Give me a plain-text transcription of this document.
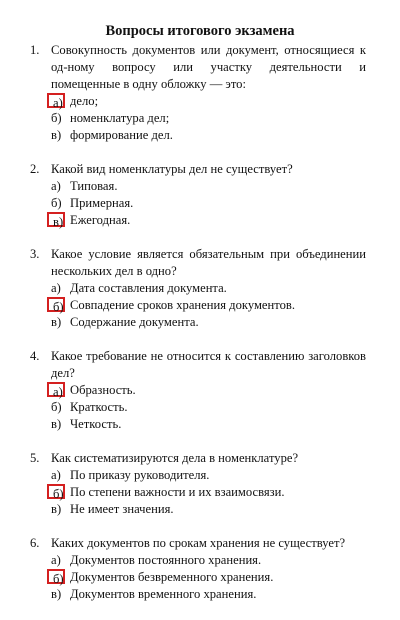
Вопросы итогового экзамена
1. Совокупность документов или документ, относящиеся к од-ному вопросу или участку деятельности и помещенные в одну обложку — это:
а) дело;
б) номенклатура дел;
в) формирование дел.
2. Какой вид номенклатуры дел не существует?
а) Типовая.
б) Примерная.
в) Ежегодная.
3. Какое условие является обязательным при объединении нескольких дел в одно?
а) Дата составления документа.
б) Совпадение сроков хранения документов.
в) Содержание документа.
4. Какое требование не относится к составлению заголовков дел?
а) Образность.
б) Краткость.
в) Четкость.
5. Как систематизируются дела в номенклатуре?
а) По приказу руководителя.
б) По степени важности и их взаимосвязи.
в) Не имеет значения.
6. Каких документов по срокам хранения не существует?
а) Документов постоянного хранения.
б) Документов безвременного хранения.
в) Документов временного хранения.
